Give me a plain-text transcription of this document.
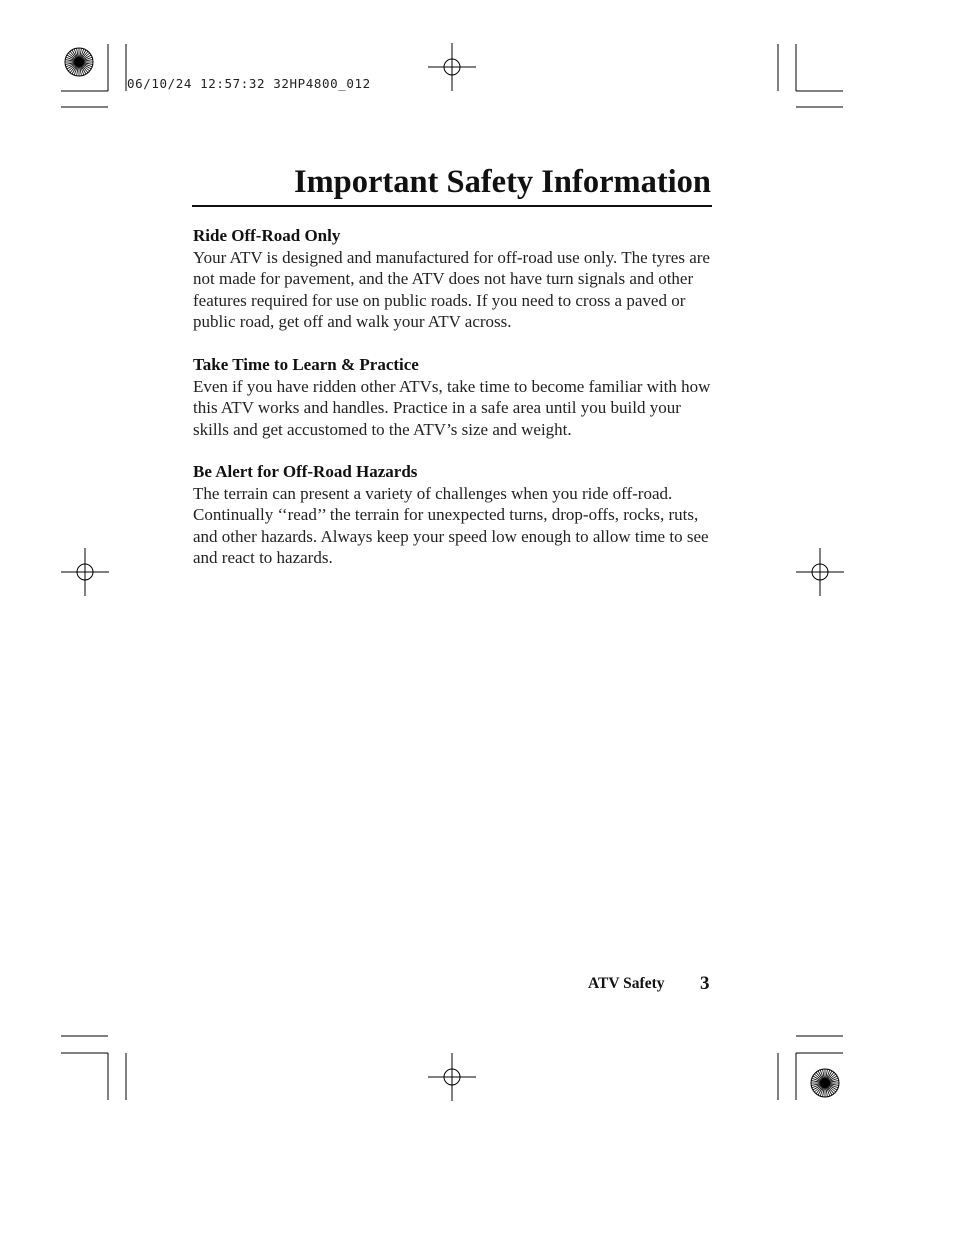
06/10/24 12:57:32 32HP4800_012
Important Safety Information
Ride Off-Road Only

Your ATV is designed and manufactured for off-road use only. The tyres are not made for pavement, and the ATV does not have turn signals and other features required for use on public roads. If you need to cross a paved or public road, get off and walk your ATV across.

Take Time to Learn & Practice

Even if you have ridden other ATVs, take time to become familiar with how this ATV works and handles. Practice in a safe area until you build your skills and get accustomed to the ATV’s size and weight.

Be Alert for Off-Road Hazards

The terrain can present a variety of challenges when you ride off-road. Continually ‘‘read’’ the terrain for unexpected turns, drop-offs, rocks, ruts, and other hazards. Always keep your speed low enough to allow time to see and react to hazards.

ATV Safety 3
